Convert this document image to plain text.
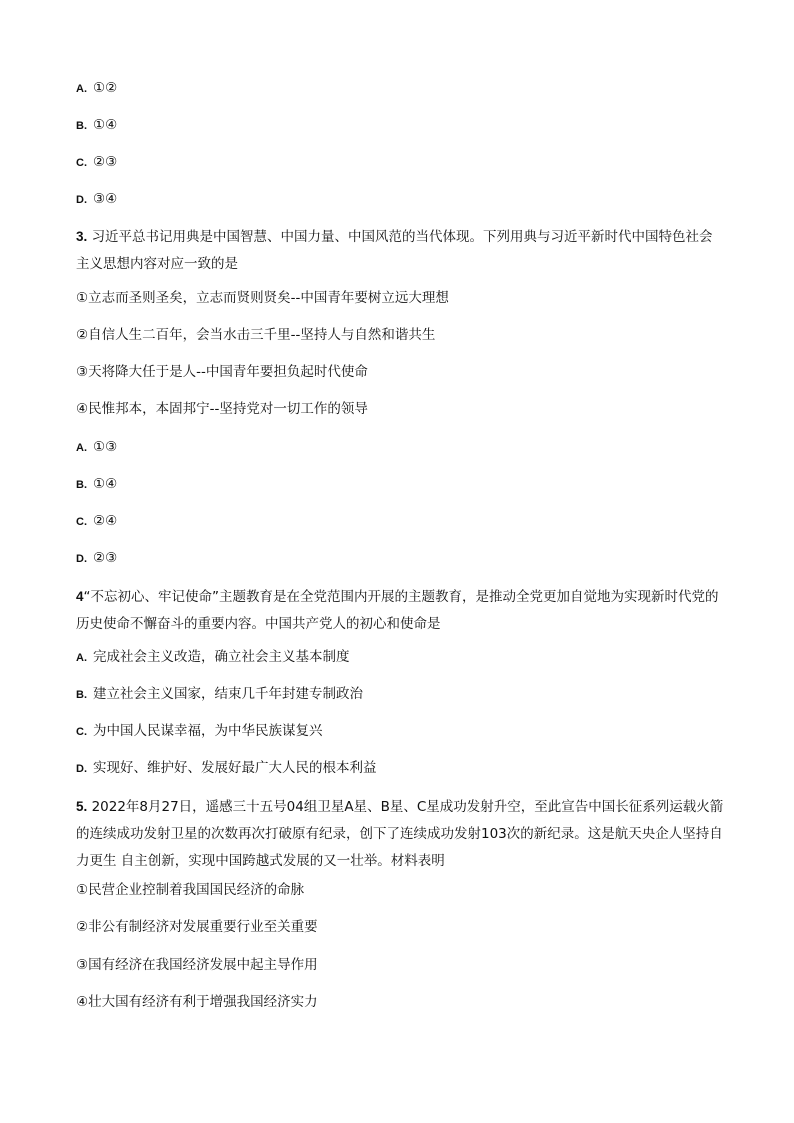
A. ①②
B. ①④
C. ②③
D. ③④
3. 习近平总书记用典是中国智慧、中国力量、中国风范的当代体现。下列用典与习近平新时代中国特色社会主义思想内容对应一致的是
①立志而圣则圣矣，立志而贤则贤矣--中国青年要树立远大理想
②自信人生二百年，会当水击三千里--坚持人与自然和谐共生
③天将降大任于是人--中国青年要担负起时代使命
④民惟邦本，本固邦宁--坚持党对一切工作的领导
A. ①③
B. ①④
C. ②④
D. ②③
4“不忘初心、牢记使命”主题教育是在全党范围内开展的主题教育，是推动全党更加自觉地为实现新时代党的历史使命不懈奋斗的重要内容。中国共产党人的初心和使命是
A. 完成社会主义改造，确立社会主义基本制度
B. 建立社会主义国家，结束几千年封建专制政治
C. 为中国人民谋幸福，为中华民族谋复兴
D. 实现好、维护好、发展好最广大人民的根本利益
5. 2022年8月27日，遥感三十五号04组卫星A星、B星、C星成功发射升空，至此宣告中国长征系列运载火箭的连续成功发射卫星的次数再次打破原有纪录，创下了连续成功发射103次的新纪录。这是航天央企人坚持自力更生 自主创新，实现中国跨越式发展的又一壮举。材料表明
①民营企业控制着我国国民经济的命脉
②非公有制经济对发展重要行业至关重要
③国有经济在我国经济发展中起主导作用
④壮大国有经济有利于增强我国经济实力
